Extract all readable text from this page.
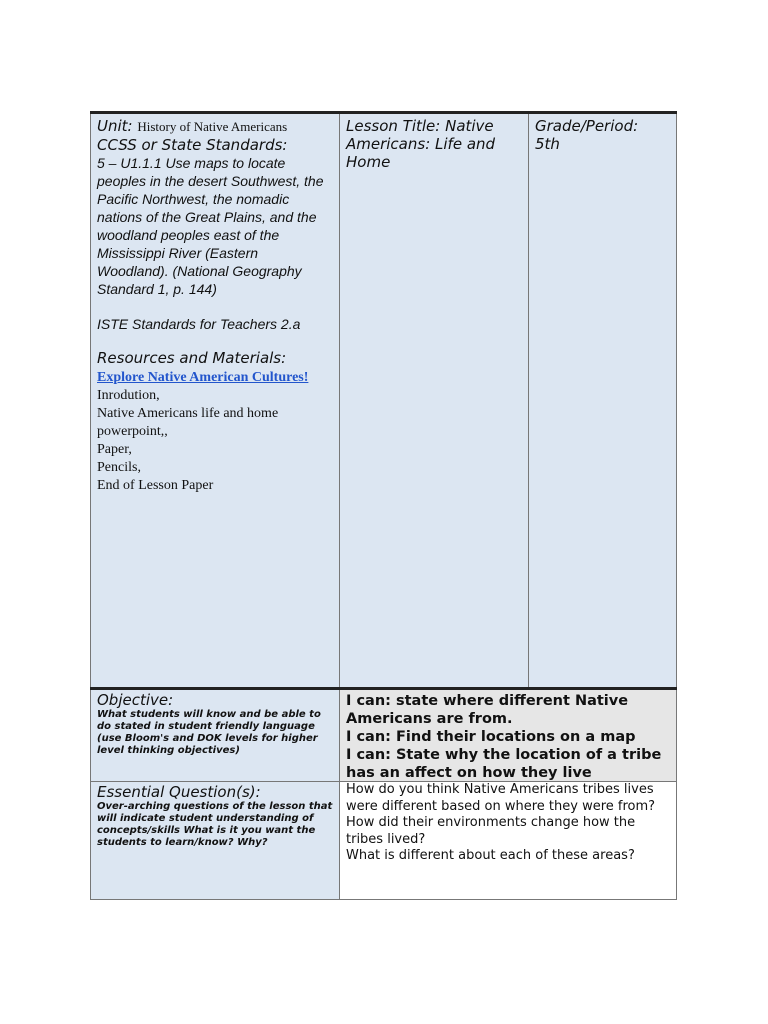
Unit: History of Native Americans
CCSS or State Standards:
5 – U1.1.1 Use maps to locate peoples in the desert Southwest, the Pacific Northwest, the nomadic nations of the Great Plains, and the woodland peoples east of the Mississippi River (Eastern Woodland). (National Geography Standard 1, p. 144)
ISTE Standards for Teachers 2.a
Resources and Materials:
Explore Native American Cultures!
Inrodution,
Native Americans life and home powerpoint,,
Paper,
Pencils,
End of Lesson Paper
Lesson Title: Native Americans: Life and Home
Grade/Period:
5th
Objective:
What students will know and be able to do stated in student friendly language (use Bloom's and DOK levels for higher level thinking objectives)
I can: state where different Native Americans are from.
I can: Find their locations on a map
I can: State why the location of a tribe has an affect on how they live
Essential Question(s):
Over-arching questions of the lesson that will indicate student understanding of concepts/skills What is it you want the students to learn/know? Why?
How do you think Native Americans tribes lives were different based on where they were from?
How did their environments change how the tribes lived?
What is different about each of these areas?
